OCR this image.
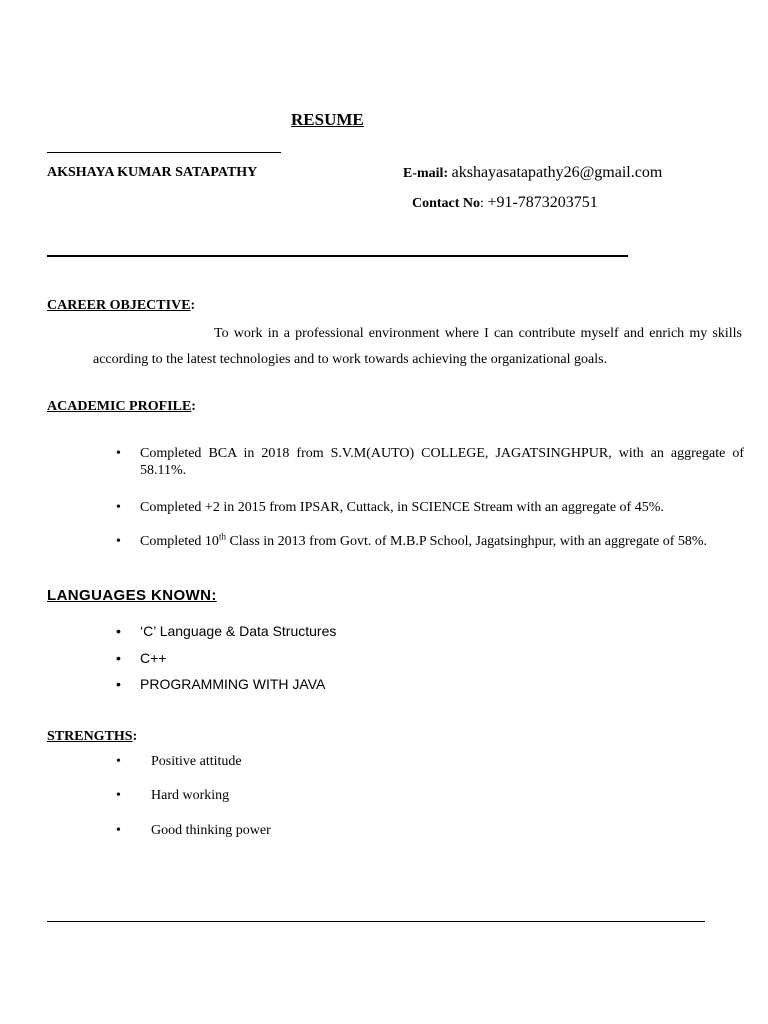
RESUME
AKSHAYA KUMAR SATAPATHY	E-mail: akshayasatapathy26@gmail.com
Contact No: +91-7873203751
CAREER OBJECTIVE:
To work in a professional environment where I can contribute myself and enrich my skills according to the latest technologies and to work towards achieving the organizational goals.
ACADEMIC PROFILE:
• Completed BCA in 2018 from S.V.M(AUTO) COLLEGE, JAGATSINGHPUR, with an aggregate of 58.11%.
• Completed +2 in 2015 from IPSAR, Cuttack, in SCIENCE Stream with an aggregate of 45%.
• Completed 10th Class in 2013 from Govt. of M.B.P School, Jagatsinghpur, with an aggregate of 58%.
LANGUAGES KNOWN:
• ‘C’ Language & Data Structures
• C++
• PROGRAMMING WITH JAVA
STRENGTHS:
• Positive attitude
• Hard working
• Good thinking power
